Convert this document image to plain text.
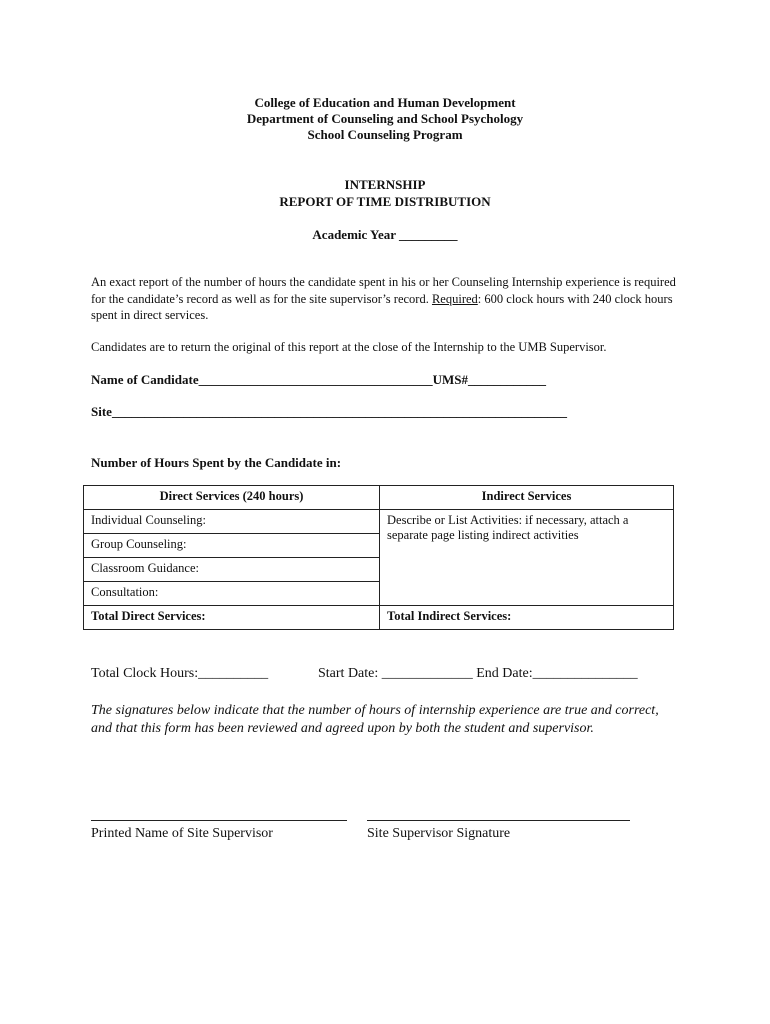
College of Education and Human Development
Department of Counseling and School Psychology
School Counseling Program
INTERNSHIP
REPORT OF TIME DISTRIBUTION
Academic Year _________
An exact report of the number of hours the candidate spent in his or her Counseling Internship experience is required for the candidate’s record as well as for the site supervisor’s record. Required: 600 clock hours with 240 clock hours spent in direct services.
Candidates are to return the original of this report at the close of the Internship to the UMB Supervisor.
Name of Candidate____________________________________UMS#____________
Site______________________________________________________________________
Number of Hours Spent by the Candidate in:
Direct Services (240 hours)	Indirect Services
Individual Counseling:	Describe or List Activities: if necessary, attach a separate page listing indirect activities
Group Counseling:	
Classroom Guidance:	
Consultation:	
Total Direct Services:	Total Indirect Services:
Total Clock Hours:__________	Start Date: _____________ End Date:_______________
The signatures below indicate that the number of hours of internship experience are true and correct, and that this form has been reviewed and agreed upon by both the student and supervisor.
Printed Name of Site Supervisor	Site Supervisor Signature
